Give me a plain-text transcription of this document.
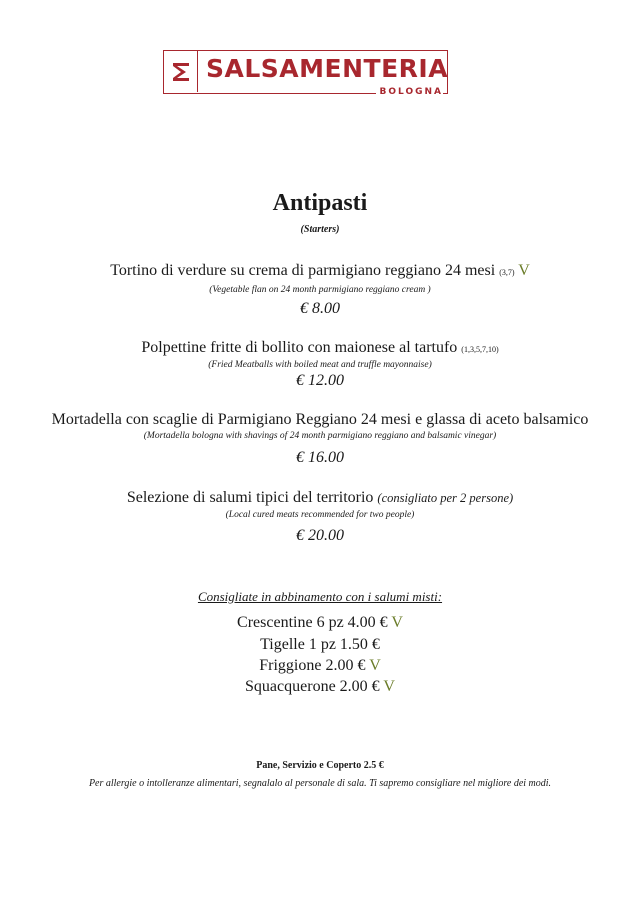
SALSAMENTERIA
BOLOGNA
Antipasti
(Starters)
Tortino di verdure su crema di parmigiano reggiano 24 mesi (3,7) V
(Vegetable flan on 24 month parmigiano reggiano cream )
€ 8.00
Polpettine fritte di bollito con maionese al tartufo (1,3,5,7,10)
(Fried Meatballs with boiled meat and truffle mayonnaise)
€ 12.00
Mortadella con scaglie di Parmigiano Reggiano 24 mesi e glassa di aceto balsamico
(Mortadella bologna with shavings of 24 month parmigiano reggiano and balsamic vinegar)
€ 16.00
Selezione di salumi tipici del territorio (consigliato per 2 persone)
(Local cured meats recommended for two people)
€ 20.00
Consigliate in abbinamento con i salumi misti:
Crescentine 6 pz 4.00 € V
Tigelle 1 pz 1.50 €
Friggione 2.00 € V
Squacquerone 2.00 € V
Pane, Servizio e Coperto 2.5 €
Per allergie o intolleranze alimentari, segnalalo al personale di sala. Ti sapremo consigliare nel migliore dei modi.
